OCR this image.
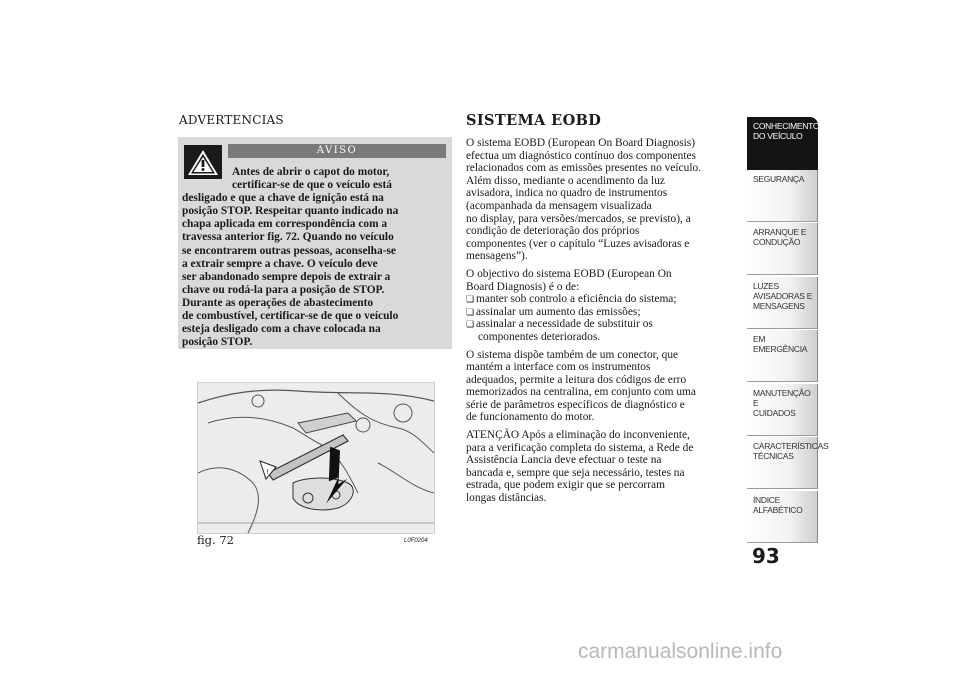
ADVERTENCIAS
AVISO
Antes de abrir o capot do motor,
certificar-se de que o veículo está
desligado e que a chave de ignição está na
posição STOP. Respeitar quanto indicado na
chapa aplicada em correspondência com a
travessa anterior fig. 72. Quando no veículo
se encontrarem outras pessoas, aconselha-se
a extrair sempre a chave. O veículo deve
ser abandonado sempre depois de extrair a
chave ou rodá-la para a posição de STOP.
Durante as operações de abastecimento
de combustível, certificar-se de que o veículo
esteja desligado com a chave colocada na
posição STOP.
!
fig. 72	L0F0204
SISTEMA EOBD
O sistema EOBD (European On Board Diagnosis)
efectua um diagnóstico contínuo dos componentes
relacionados com as emissões presentes no veículo.
Além disso, mediante o acendimento da luz
avisadora, indica no quadro de instrumentos
(acompanhada da mensagem visualizada
no display, para versões/mercados, se previsto), a
condição de deterioração dos próprios
componentes (ver o capítulo “Luzes avisadoras e
mensagens”).
O objectivo do sistema EOBD (European On
Board Diagnosis) é o de:
❏ manter sob controlo a eficiência do sistema;
❏ assinalar um aumento das emissões;
❏ assinalar a necessidade de substituir os
componentes deteriorados.
O sistema dispõe também de um conector, que
mantém a interface com os instrumentos
adequados, permite a leitura dos códigos de erro
memorizados na centralina, em conjunto com uma
série de parâmetros específicos de diagnóstico e
de funcionamento do motor.
ATENÇÃO Após a eliminação do inconveniente,
para a verificação completa do sistema, a Rede de
Assistência Lancia deve efectuar o teste na
bancada e, sempre que seja necessário, testes na
estrada, que podem exigir que se percorram
longas distâncias.
CONHECIMENTO
DO VEÍCULO
SEGURANÇA
ARRANQUE E
CONDUÇÃO
LUZES
AVISADORAS E
MENSAGENS
EM EMERGÊNCIA
MANUTENÇÃO E
CUIDADOS
CARACTERÍSTICAS
TÉCNICAS
ÍNDICE
ALFABÉTICO
93
carmanualsonline.info
